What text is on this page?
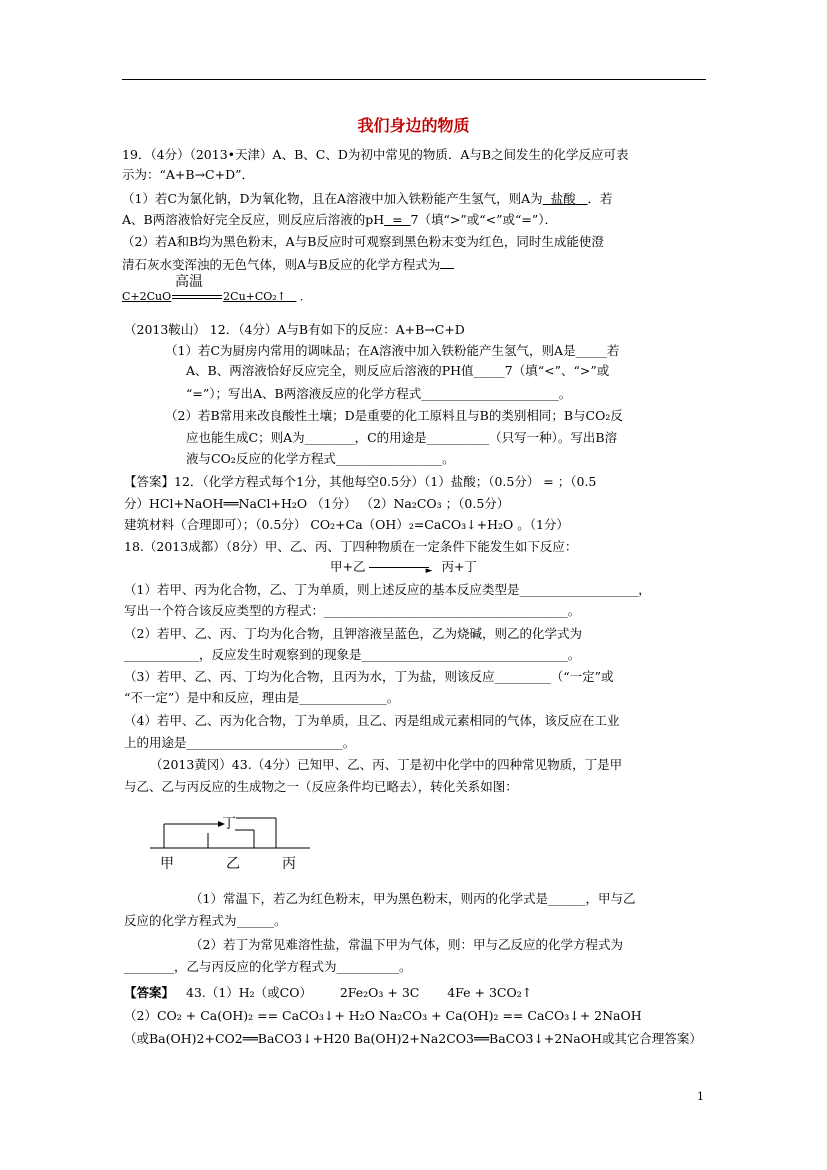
我们身边的物质
19．（4分）（2013•天津）A、B、C、D为初中常见的物质．A与B之间发生的化学反应可表
示为：“A+B→C+D”．
（1）若C为氯化钠，D为氧化物，且在A溶液中加入铁粉能产生氢气，则A为 盐酸 ．若
A、B两溶液恰好完全反应，则反应后溶液的pH = 7（填“>”或“<”或“=”）．
（2）若A和B均为黑色粉末，A与B反应时可观察到黑色粉末变为红色，同时生成能使澄
清石灰水变浑浊的无色气体，则A与B反应的化学方程式为
高温
C+2CuO	2Cu+CO₂↑ ．
（2013鞍山） 12．（4分）A与B有如下的反应：A+B→C+D
（1）若C为厨房内常用的调味品；在A溶液中加入铁粉能产生氢气，则A是_____若
A、B、两溶液恰好反应完全，则反应后溶液的PH值_____7（填“<”、“>”或
“=”）；写出A、B两溶液反应的化学方程式______________________。
（2）若B常用来改良酸性土壤；D是重要的化工原料且与B的类别相同；B与CO₂反
应也能生成C；则A为________，C的用途是__________（只写一种）。写出B溶
液与CO₂反应的化学方程式_________________。
【答案】12．（化学方程式每个1分，其他每空0.5分）（1）盐酸；（0.5分） = ；（0.5
分）HCl+NaOH══NaCl+H₂O （1分） （2）Na₂CO₃ ；（0.5分）
建筑材料（合理即可）；（0.5分） CO₂+Ca（OH）₂=CaCO₃↓+H₂O 。（1分）
18.（2013成都）（8分）甲、乙、丙、丁四种物质在一定条件下能发生如下反应：
甲+乙	► 丙+丁
（1）若甲、丙为化合物，乙、丁为单质，则上述反应的基本反应类型是___________________，
写出一个符合该反应类型的方程式：_______________________________________。
（2）若甲、乙、丙、丁均为化合物，且钾溶液呈蓝色，乙为烧碱，则乙的化学式为
____________，反应发生时观察到的现象是_________________________________。
（3）若甲、乙、丙、丁均为化合物，且丙为水，丁为盐，则该反应_________（“一定”或
“不一定”）是中和反应，理由是______________。
（4）若甲、乙、丙为化合物，丁为单质，且乙、丙是组成元素相同的气体，该反应在工业
上的用途是_________________________。
（2013黄冈）43.（4分）已知甲、乙、丙、丁是初中化学中的四种常见物质，丁是甲
与乙、乙与丙反应的生成物之一（反应条件均已略去），转化关系如图：
丁
甲	乙	丙
（1）常温下，若乙为红色粉末，甲为黑色粉末，则丙的化学式是______，甲与乙
反应的化学方程式为______。
（2）若丁为常见难溶性盐，常温下甲为气体，则：甲与乙反应的化学方程式为
________，乙与丙反应的化学方程式为__________。
【答案】 43.（1）H₂（或CO） 2Fe₂O₃ + 3C 4Fe + 3CO₂↑
（2）CO₂ + Ca(OH)₂ == CaCO₃↓+ H₂O Na₂CO₃ + Ca(OH)₂ == CaCO₃↓+ 2NaOH
（或Ba(OH)2+CO2══BaCO3↓+H20 Ba(OH)2+Na2CO3══BaCO3↓+2NaOH或其它合理答案）
1
